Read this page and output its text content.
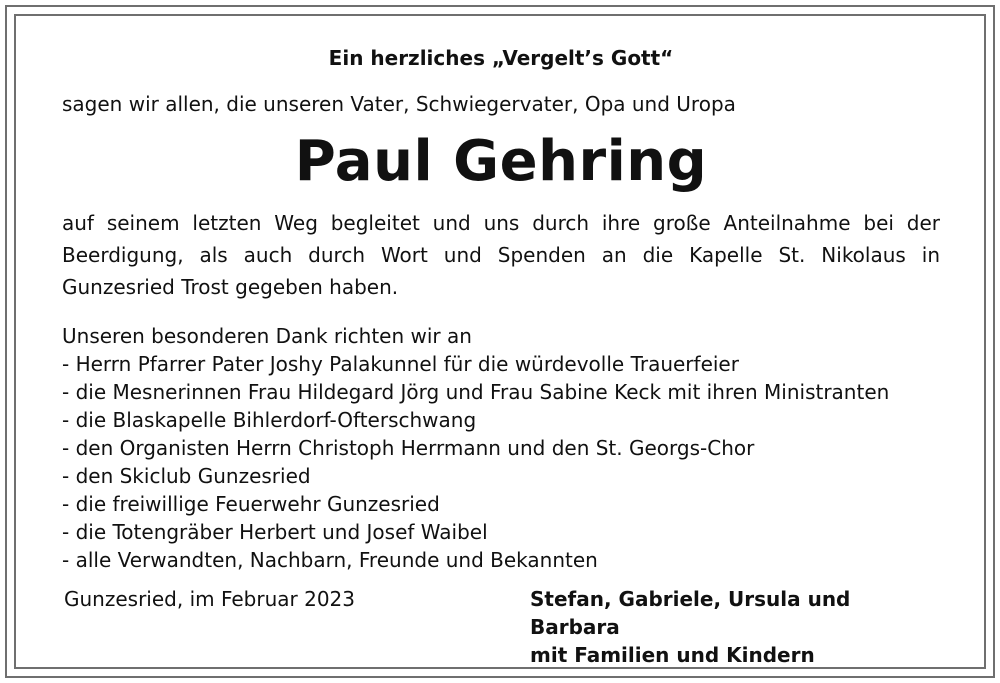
Ein herzliches „Vergelt’s Gott“

sagen wir allen, die unseren Vater, Schwiegervater, Opa und Uropa

Paul Gehring

auf seinem letzten Weg begleitet und uns durch ihre große Anteilnahme bei der Beerdigung, als auch durch Wort und Spenden an die Kapelle St. Nikolaus in Gunzesried Trost gegeben haben.

Unseren besonderen Dank richten wir an

- Herrn Pfarrer Pater Joshy Palakunnel für die würdevolle Trauerfeier
- die Mesnerinnen Frau Hildegard Jörg und Frau Sabine Keck mit ihren Ministranten
- die Blaskapelle Bihlerdorf-Ofterschwang
- den Organisten Herrn Christoph Herrmann und den St. Georgs-Chor
- den Skiclub Gunzesried
- die freiwillige Feuerwehr Gunzesried
- die Totengräber Herbert und Josef Waibel
- alle Verwandten, Nachbarn, Freunde und Bekannten
Gunzesried, im Februar 2023	Stefan, Gabriele, Ursula und Barbara
mit Familien und Kindern
